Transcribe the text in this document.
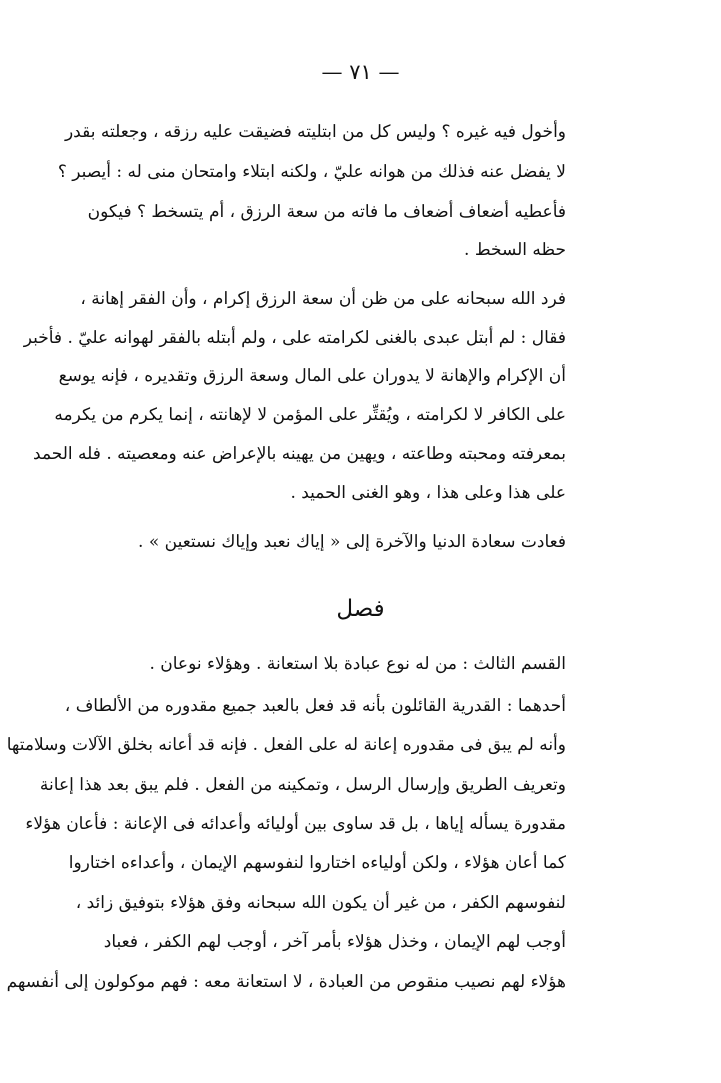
— ٧١ —
وأخول فيه غيره ؟ وليس كل من ابتليته فضيقت عليه رزقه ، وجعلته بقدر
لا يفضل عنه فذلك من هوانه عليّ ، ولكنه ابتلاء وامتحان منى له : أيصبر ؟
فأعطيه أضعاف أضعاف ما فاته من سعة الرزق ، أم يتسخط ؟ فيكون
حظه السخط .
فرد الله سبحانه على من ظن أن سعة الرزق إكرام ، وأن الفقر إهانة ،
فقال : لم أبتل عبدى بالغنى لكرامته على ، ولم أبتله بالفقر لهوانه عليّ . فأخبر
أن الإكرام والإهانة لا يدوران على المال وسعة الرزق وتقديره ، فإنه يوسع
على الكافر لا لكرامته ، ويُقتِّر على المؤمن لا لإهانته ، إنما يكرم من يكرمه
بمعرفته ومحبته وطاعته ، ويهين من يهينه بالإعراض عنه ومعصيته . فله الحمد
على هذا وعلى هذا ، وهو الغنى الحميد .
فعادت سعادة الدنيا والآخرة إلى « إياك نعبد وإياك نستعين » .
فصل
القسم الثالث : من له نوع عبادة بلا استعانة . وهؤلاء نوعان .
أحدهما : القدرية القائلون بأنه قد فعل بالعبد جميع مقدوره من الألطاف ،
وأنه لم يبق فى مقدوره إعانة له على الفعل . فإنه قد أعانه بخلق الآلات وسلامتها
وتعريف الطريق وإرسال الرسل ، وتمكينه من الفعل . فلم يبق بعد هذا إعانة
مقدورة يسأله إياها ، بل قد ساوى بين أوليائه وأعدائه فى الإعانة : فأعان هؤلاء
كما أعان هؤلاء ، ولكن أولياءه اختاروا لنفوسهم الإيمان ، وأعداءه اختاروا
لنفوسهم الكفر ، من غير أن يكون الله سبحانه وفق هؤلاء بتوفيق زائد ،
أوجب لهم الإيمان ، وخذل هؤلاء بأمر آخر ، أوجب لهم الكفر ، فعباد
هؤلاء لهم نصيب منقوص من العبادة ، لا استعانة معه : فهم موكولون إلى أنفسهم
